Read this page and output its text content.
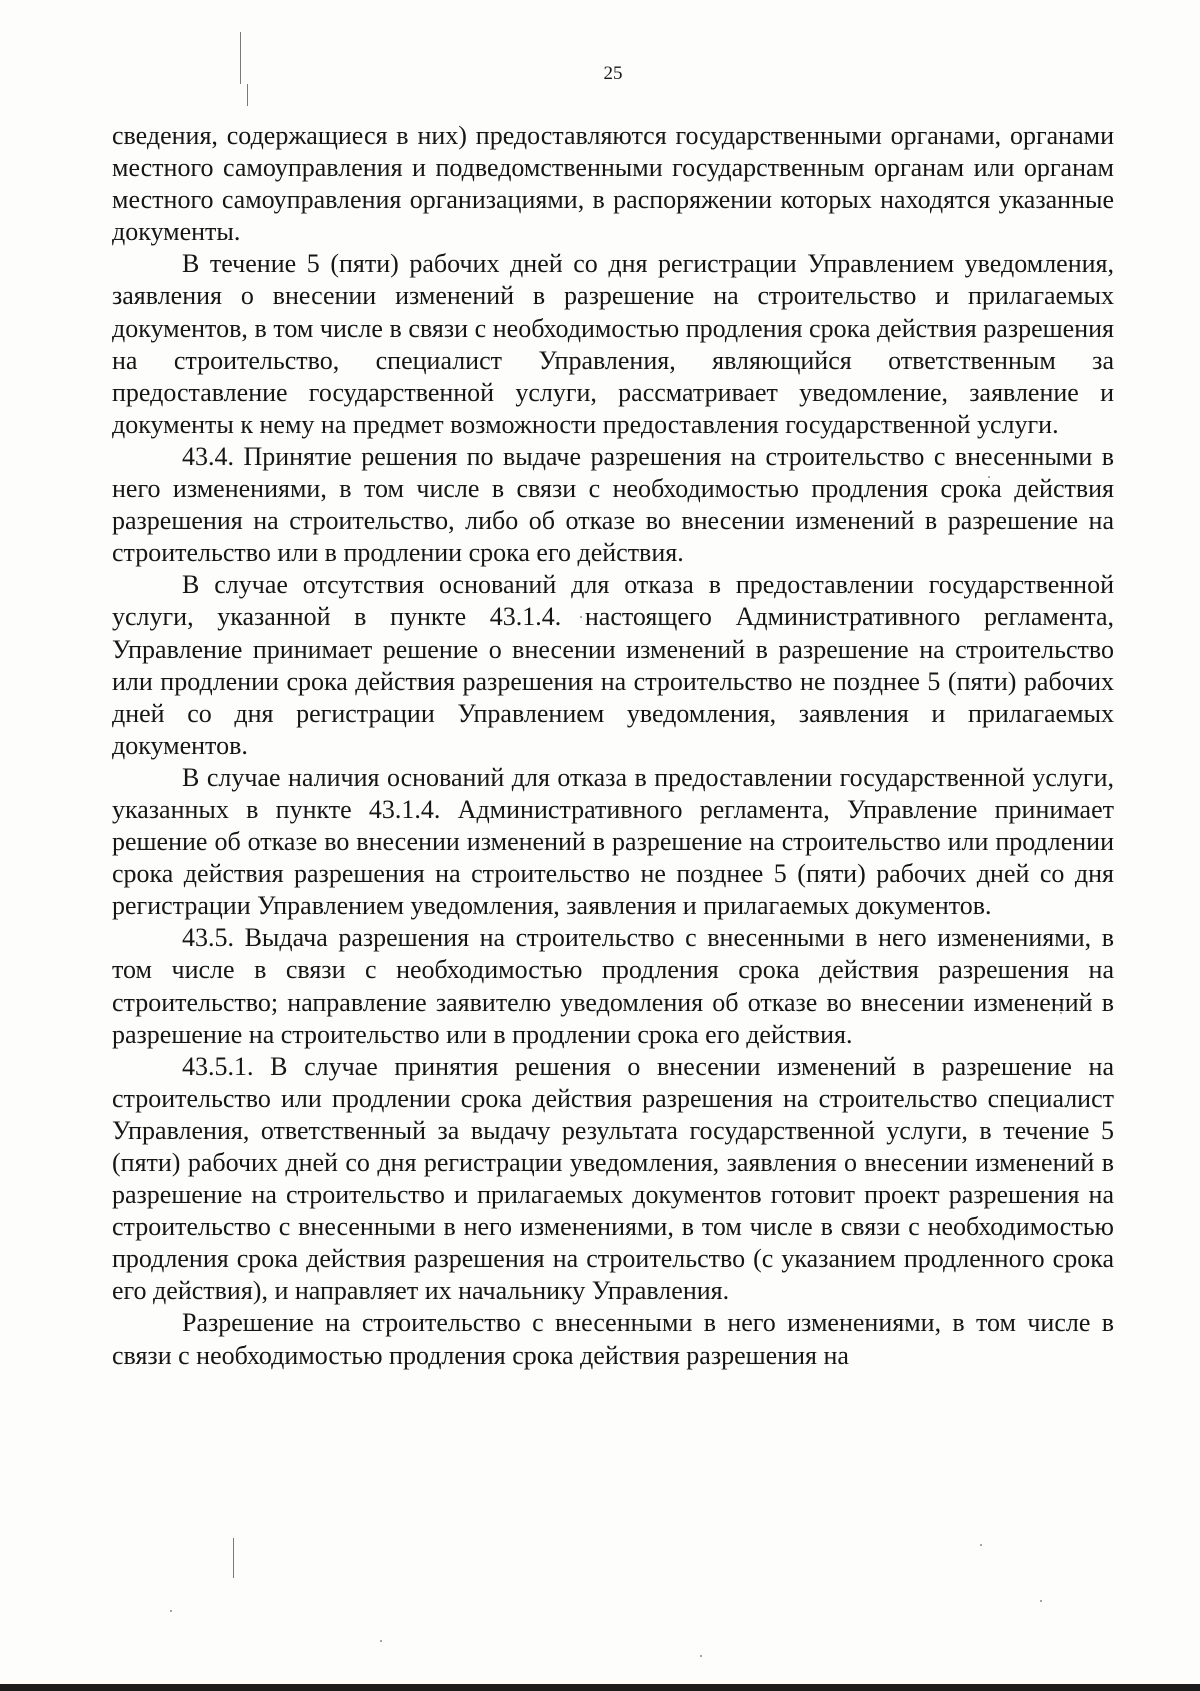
25

сведения, содержащиеся в них) предоставляются государственными органами, органами местного самоуправления и подведомственными государственным органам или органам местного самоуправления организациями, в распоряжении которых находятся указанные документы.

В течение 5 (пяти) рабочих дней со дня регистрации Управлением уведомления, заявления о внесении изменений в разрешение на строительство и прилагаемых документов, в том числе в связи с необходимостью продления срока действия разрешения на строительство, специалист Управления, являющийся ответственным за предоставление государственной услуги, рассматривает уведомление, заявление и документы к нему на предмет возможности предоставления государственной услуги.

43.4. Принятие решения по выдаче разрешения на строительство с внесенными в него изменениями, в том числе в связи с необходимостью продления срока действия разрешения на строительство, либо об отказе во внесении изменений в разрешение на строительство или в продлении срока его действия.

В случае отсутствия оснований для отказа в предоставлении государственной услуги, указанной в пункте 43.1.4. настоящего Административного регламента, Управление принимает решение о внесении изменений в разрешение на строительство или продлении срока действия разрешения на строительство не позднее 5 (пяти) рабочих дней со дня регистрации Управлением уведомления, заявления и прилагаемых документов.

В случае наличия оснований для отказа в предоставлении государственной услуги, указанных в пункте 43.1.4. Административного регламента, Управление принимает решение об отказе во внесении изменений в разрешение на строительство или продлении срока действия разрешения на строительство не позднее 5 (пяти) рабочих дней со дня регистрации Управлением уведомления, заявления и прилагаемых документов.

43.5. Выдача разрешения на строительство с внесенными в него изменениями, в том числе в связи с необходимостью продления срока действия разрешения на строительство; направление заявителю уведомления об отказе во внесении изменений в разрешение на строительство или в продлении срока его действия.

43.5.1. В случае принятия решения о внесении изменений в разрешение на строительство или продлении срока действия разрешения на строительство специалист Управления, ответственный за выдачу результата государственной услуги, в течение 5 (пяти) рабочих дней со дня регистрации уведомления, заявления о внесении изменений в разрешение на строительство и прилагаемых документов готовит проект разрешения на строительство с внесенными в него изменениями, в том числе в связи с необходимостью продления срока действия разрешения на строительство (с указанием продленного срока его действия), и направляет их начальнику Управления.

Разрешение на строительство с внесенными в него изменениями, в том числе в связи с необходимостью продления срока действия разрешения на
